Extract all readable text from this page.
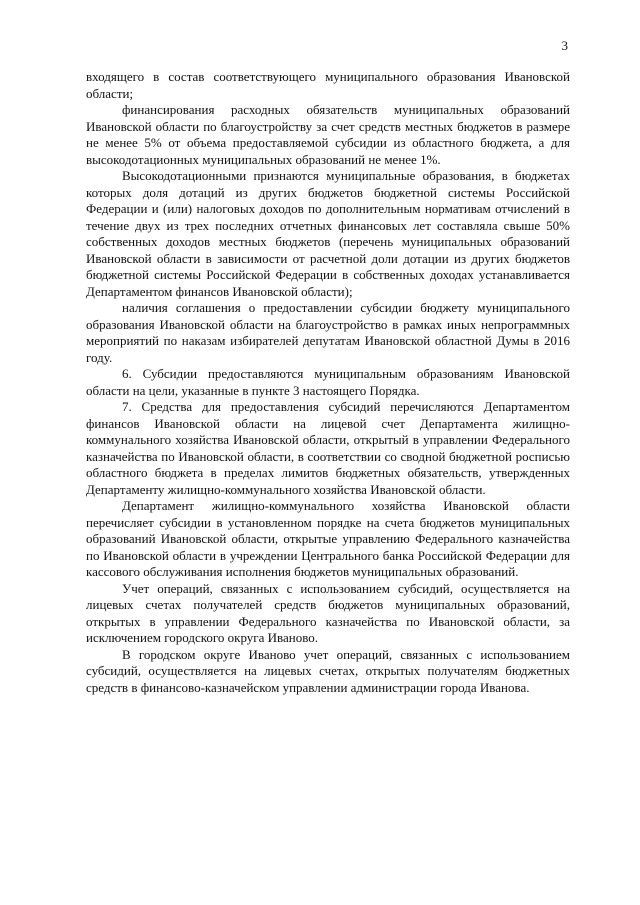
3

входящего в состав соответствующего муниципального образования Ивановской области;

финансирования расходных обязательств муниципальных образований Ивановской области по благоустройству за счет средств местных бюджетов в размере не менее 5% от объема предоставляемой субсидии из областного бюджета, а для высокодотационных муниципальных образований не менее 1%.

Высокодотационными признаются муниципальные образования, в бюджетах которых доля дотаций из других бюджетов бюджетной системы Российской Федерации и (или) налоговых доходов по дополнительным нормативам отчислений в течение двух из трех последних отчетных финансовых лет составляла свыше 50% собственных доходов местных бюджетов (перечень муниципальных образований Ивановской области в зависимости от расчетной доли дотации из других бюджетов бюджетной системы Российской Федерации в собственных доходах устанавливается Департаментом финансов Ивановской области);

наличия соглашения о предоставлении субсидии бюджету муниципального образования Ивановской области на благоустройство в рамках иных непрограммных мероприятий по наказам избирателей депутатам Ивановской областной Думы в 2016 году.

6. Субсидии предоставляются муниципальным образованиям Ивановской области на цели, указанные в пункте 3 настоящего Порядка.

7. Средства для предоставления субсидий перечисляются Департаментом финансов Ивановской области на лицевой счет Департамента жилищно-коммунального хозяйства Ивановской области, открытый в управлении Федерального казначейства по Ивановской области, в соответствии со сводной бюджетной росписью областного бюджета в пределах лимитов бюджетных обязательств, утвержденных Департаменту жилищно-коммунального хозяйства Ивановской области.

Департамент жилищно-коммунального хозяйства Ивановской области перечисляет субсидии в установленном порядке на счета бюджетов муниципальных образований Ивановской области, открытые управлению Федерального казначейства по Ивановской области в учреждении Центрального банка Российской Федерации для кассового обслуживания исполнения бюджетов муниципальных образований.

Учет операций, связанных с использованием субсидий, осуществляется на лицевых счетах получателей средств бюджетов муниципальных образований, открытых в управлении Федерального казначейства по Ивановской области, за исключением городского округа Иваново.

В городском округе Иваново учет операций, связанных с использованием субсидий, осуществляется на лицевых счетах, открытых получателям бюджетных средств в финансово-казначейском управлении администрации города Иванова.
